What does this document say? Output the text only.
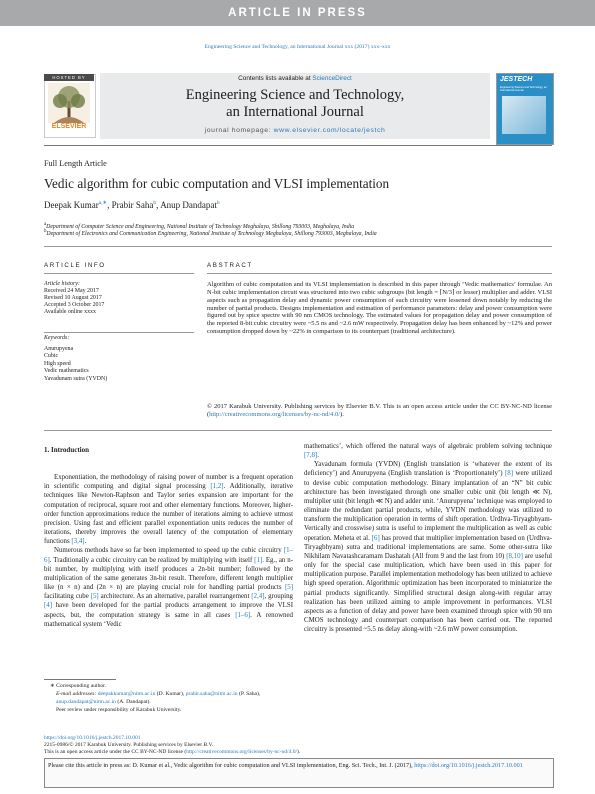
ARTICLE IN PRESS
Engineering Science and Technology, an International Journal xxx (2017) xxx–xxx
HOSTED BY
ELSEVIER
Contents lists available at ScienceDirect
Engineering Science and Technology,
an International Journal
journal homepage: www.elsevier.com/locate/jestch
JESTECH
Engineering Science and Technology, an International Journal
Full Length Article
Vedic algorithm for cubic computation and VLSI implementation
Deepak Kumar$^{a,∗}$, Prabir Saha$^b$, Anup Dandapat$^b$
$^a$Department of Computer Science and Engineering, National Institute of Technology Meghalaya, Shillong 793003, Meghalaya, India
$^b$Department of Electronics and Communication Engineering, National Institute of Technology Meghalaya, Shillong 793003, Meghalaya, India
ARTICLE INFO	ABSTRACT
Article history:
Received 24 May 2017
Revised 10 August 2017
Accepted 3 October 2017
Available online xxxx
Keywords:
Anurupyena
Cubic
High speed
Vedic mathematics
Yavadunam sutra (YVDN)
Algorithm of cubic computation and its VLSI implementation is described in this paper through ‘Vedic mathematics’ formulae. An N-bit cubic implementation circuit was structured into two cubic subgroups (bit length = ⌈N/3⌉ or lesser) multiplier and adder. VLSI aspects such as propagation delay and dynamic power consumption of such circuitry were lessened down notably by reducing the number of partial products. Designs implementation and estimation of performance parameters: delay and power consumption were figured out by spice spectre with 90 nm CMOS technology. The estimated values for propagation delay and power consumption of the reported 8-bit cubic circuitry were ~5.5 ns and ~2.6 mW respectively. Propagation delay has been enhanced by ~12% and power consumption dropped down by ~22% in comparison to its counterpart (traditional architecture).
© 2017 Karabuk University. Publishing services by Elsevier B.V. This is an open access article under the CC BY-NC-ND license (http://creativecommons.org/licenses/by-nc-nd/4.0/).

1. Introduction

Exponentiation, the methodology of raising power of number is a frequent operation in scientific computing and digital signal processing [1,2]. Additionally, iterative techniques like Newton-Raphson and Taylor series expansion are important for the computation of reciprocal, square root and other elementary functions. Moreover, higher-order function approximations reduce the number of iterations aiming to achieve utmost precision. Using fast and efficient parallel exponentiation units reduces the number of iterations, thereby improves the overall latency of the computation of elementary functions [3,4].

Numerous methods have so far been implemented to speed up the cubic circuitry [1–6]. Traditionally a cubic circuitry can be realized by multiplying with itself [1]. Eg., an n-bit number, by multiplying with itself produces a 2n-bit number; followed by the multiplication of the same generates 3n-bit result. Therefore, different length multiplier like (n × n) and (2n × n) are playing crucial role for handling partial products [5] facilitating cube [5] architecture. As an alternative, parallel rearrangement [2,4], grouping [4] have been developed for the partial products arrangement to improve the VLSI aspects, but, the computation strategy is same in all cases [1–6]. A renowned mathematical system ‘Vedic

mathematics’, which offered the natural ways of algebraic problem solving technique [7,8].

Yavadunam formula (YVDN) (English translation is ‘whatever the extent of its deficiency’) and Anurupyena (English translation is ‘Proportionately’) [8] were utilized to devise cubic computation methodology. Binary implantation of an “N” bit cubic architecture has been investigated through one smaller cubic unit (bit length ≪ N), multiplier unit (bit length ≪ N) and adder unit. ‘Anurupyena’ technique was employed to eliminate the redundant partial products, while, YVDN methodology was utilized to transform the multiplication operation in terms of shift operation. Urdhva-Tiryagbhyam-Vertically and crosswise) sutra is useful to implement the multiplication as well as cubic operation. Meheta et al. [6] has proved that multiplier implementation based on (Urdhva-Tiryagbhyam) sutra and traditional implementations are same. Some other-sutra like Nikhilam Navatashcaramam Dashatah (All from 9 and the last from 10) [8,10] are useful only for the special case multiplication, which have been used in this paper for multiplication purpose. Parallel implementation methodology has been utilized to achieve high speed operation. Algorithmic optimization has been incorporated to miniaturize the partial products significantly. Simplified structural design along-with regular array realization has been utilized aiming to ample improvement in performances. VLSI aspects as a function of delay and power have been examined through spice with 90 nm CMOS technology and counterpart comparison has been carried out. The reported circuitry is presented ~5.5 ns delay along-with ~2.6 mW power consumption.

∗ Corresponding author.
E-mail addresses: deepakkumar@nitm.ac.in (D. Kumar), prabir.saha@nitm.ac.in (P. Saha), anup.dandapat@nitm.ac.in (A. Dandapat).
Peer review under responsibility of Karabuk University.
https://doi.org/10.1016/j.jestch.2017.10.001
2215-0986/© 2017 Karabuk University. Publishing services by Elsevier B.V.
This is an open access article under the CC BY-NC-ND license (http://creativecommons.org/licenses/by-nc-nd/4.0/).
Please cite this article in press as: D. Kumar et al., Vedic algorithm for cubic computation and VLSI implementation, Eng. Sci. Tech., Int. J. (2017), https://doi.org/10.1016/j.jestch.2017.10.001
